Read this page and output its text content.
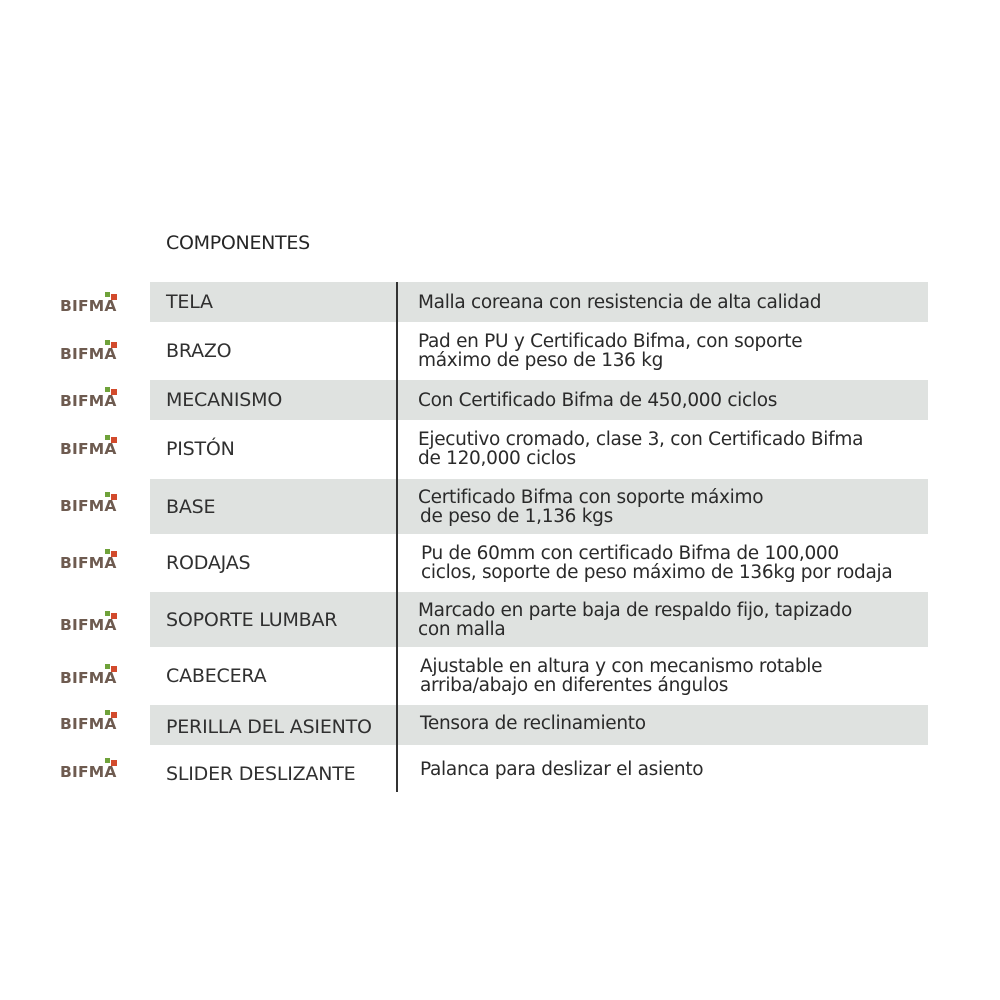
COMPONENTES
BIFMA	TELA	Malla coreana con resistencia de alta calidad
BIFMA	BRAZO	Pad en PU y Certificado Bifma, con soporte
máximo de peso de 136 kg
BIFMA	MECANISMO	Con Certificado Bifma de 450,000 ciclos
BIFMA	PISTÓN	Ejecutivo cromado, clase 3, con Certificado Bifma
de 120,000 ciclos
BIFMA	BASE	Certificado Bifma con soporte máximo
de peso de 1,136 kgs
BIFMA	RODAJAS	Pu de 60mm con certificado Bifma de 100,000
ciclos, soporte de peso máximo de 136kg por rodaja
BIFMA	SOPORTE LUMBAR	Marcado en parte baja de respaldo fijo, tapizado
con malla
BIFMA	CABECERA	Ajustable en altura y con mecanismo rotable
arriba/abajo en diferentes ángulos
BIFMA	PERILLA DEL ASIENTO	Tensora de reclinamiento
BIFMA	SLIDER DESLIZANTE	Palanca para deslizar el asiento
